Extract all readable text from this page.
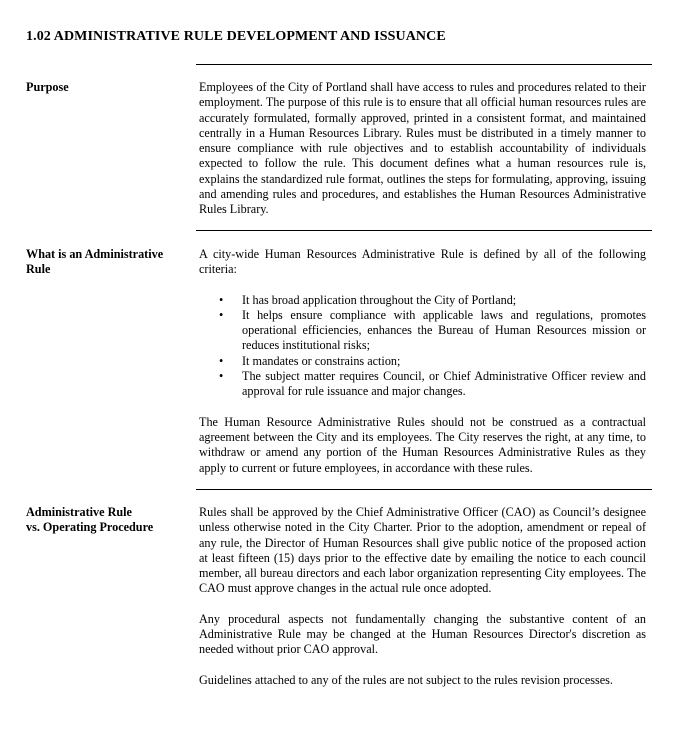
1.02 ADMINISTRATIVE RULE DEVELOPMENT AND ISSUANCE
Purpose	Employees of the City of Portland shall have access to rules and procedures related to their employment. The purpose of this rule is to ensure that all official human resources rules are accurately formulated, formally approved, printed in a consistent format, and maintained centrally in a Human Resources Library. Rules must be distributed in a timely manner to ensure compliance with rule objectives and to establish accountability of individuals expected to follow the rule. This document defines what a human resources rule is, explains the standardized rule format, outlines the steps for formulating, approving, issuing and amending rules and procedures, and establishes the Human Resources Administrative Rules Library.

What is an Administrative
Rule

A city-wide Human Resources Administrative Rule is defined by all of the following criteria:

• It has broad application throughout the City of Portland;
• It helps ensure compliance with applicable laws and regulations, promotes operational efficiencies, enhances the Bureau of Human Resources mission or reduces institutional risks;
• It mandates or constrains action;
• The subject matter requires Council, or Chief Administrative Officer review and approval for rule issuance and major changes.

The Human Resource Administrative Rules should not be construed as a contractual agreement between the City and its employees. The City reserves the right, at any time, to withdraw or amend any portion of the Human Resources Administrative Rules as they apply to current or future employees, in accordance with these rules.

Administrative Rule
vs. Operating Procedure

Rules shall be approved by the Chief Administrative Officer (CAO) as Council’s designee unless otherwise noted in the City Charter. Prior to the adoption, amendment or repeal of any rule, the Director of Human Resources shall give public notice of the proposed action at least fifteen (15) days prior to the effective date by emailing the notice to each council member, all bureau directors and each labor organization representing City employees. The CAO must approve changes in the actual rule once adopted.

Any procedural aspects not fundamentally changing the substantive content of an Administrative Rule may be changed at the Human Resources Director's discretion as needed without prior CAO approval.

Guidelines attached to any of the rules are not subject to the rules revision processes.
